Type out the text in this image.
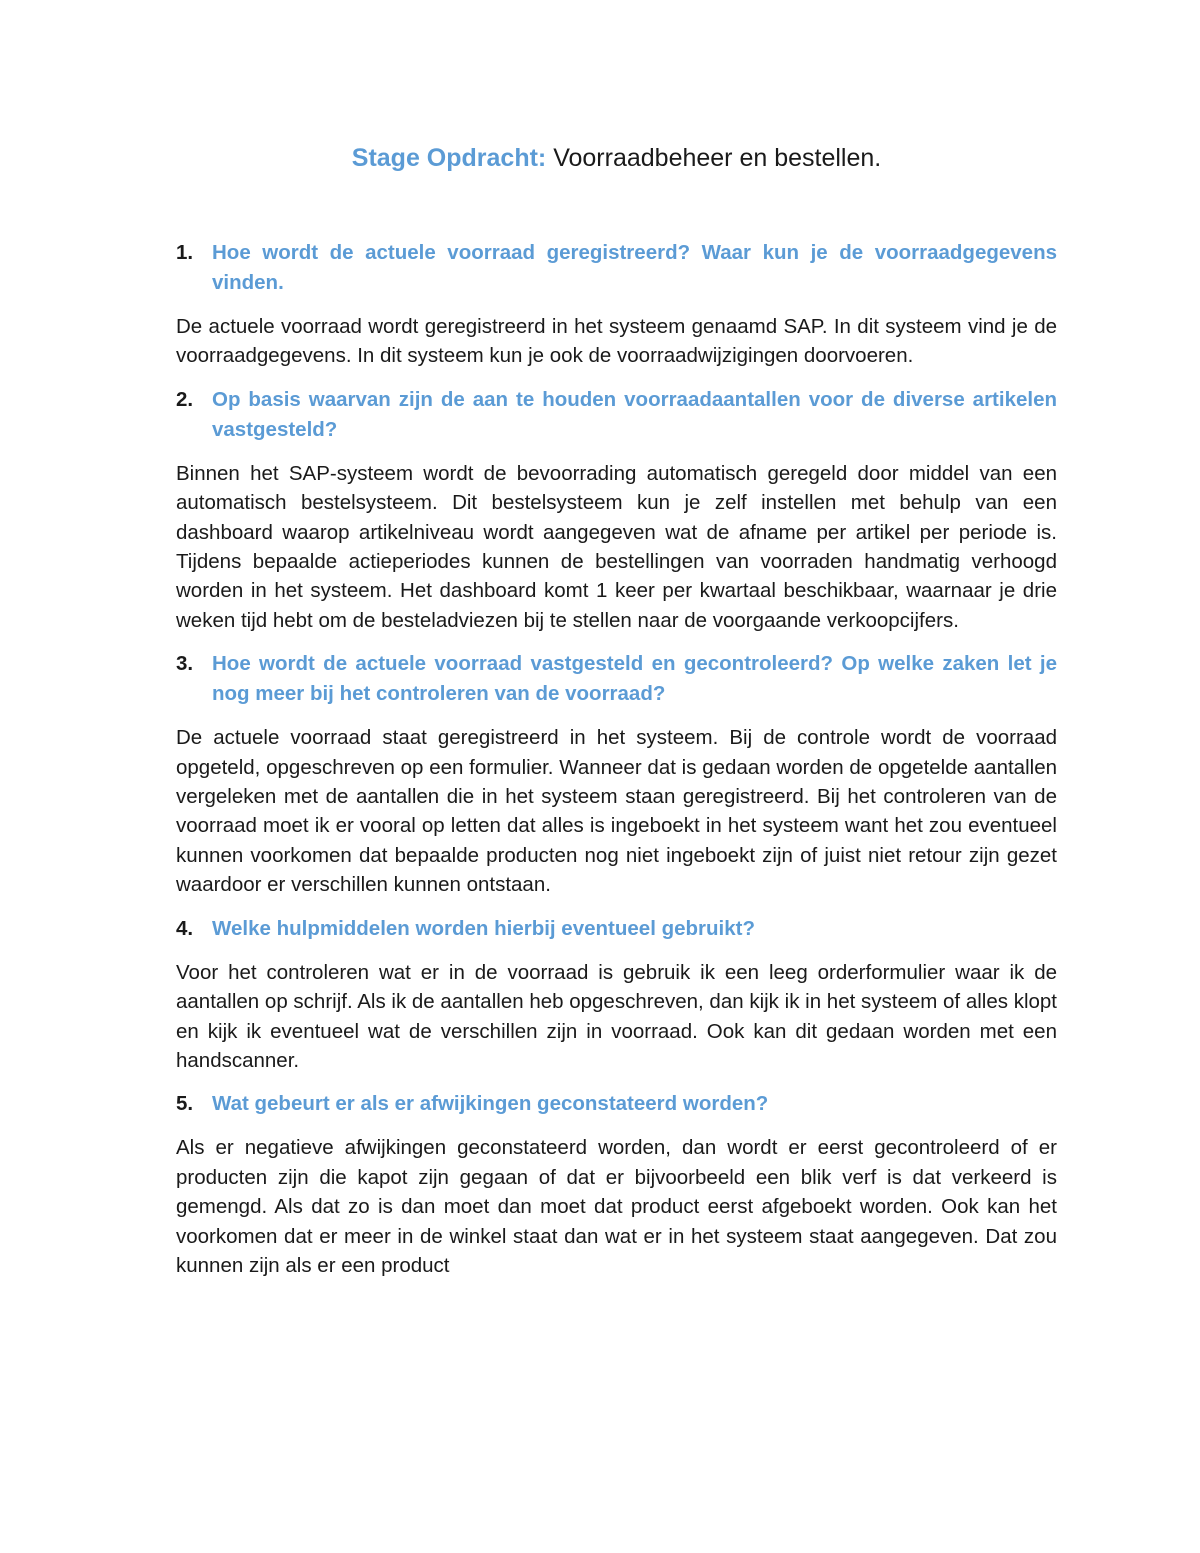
Stage Opdracht: Voorraadbeheer en bestellen.
1. Hoe wordt de actuele voorraad geregistreerd? Waar kun je de voorraadgegevens vinden.

De actuele voorraad wordt geregistreerd in het systeem genaamd SAP. In dit systeem vind je de voorraadgegevens. In dit systeem kun je ook de voorraadwijzigingen doorvoeren.

2. Op basis waarvan zijn de aan te houden voorraadaantallen voor de diverse artikelen vastgesteld?

Binnen het SAP-systeem wordt de bevoorrading automatisch geregeld door middel van een automatisch bestelsysteem. Dit bestelsysteem kun je zelf instellen met behulp van een dashboard waarop artikelniveau wordt aangegeven wat de afname per artikel per periode is. Tijdens bepaalde actieperiodes kunnen de bestellingen van voorraden handmatig verhoogd worden in het systeem. Het dashboard komt 1 keer per kwartaal beschikbaar, waarnaar je drie weken tijd hebt om de besteladviezen bij te stellen naar de voorgaande verkoopcijfers.

3. Hoe wordt de actuele voorraad vastgesteld en gecontroleerd? Op welke zaken let je nog meer bij het controleren van de voorraad?

De actuele voorraad staat geregistreerd in het systeem. Bij de controle wordt de voorraad opgeteld, opgeschreven op een formulier. Wanneer dat is gedaan worden de opgetelde aantallen vergeleken met de aantallen die in het systeem staan geregistreerd. Bij het controleren van de voorraad moet ik er vooral op letten dat alles is ingeboekt in het systeem want het zou eventueel kunnen voorkomen dat bepaalde producten nog niet ingeboekt zijn of juist niet retour zijn gezet waardoor er verschillen kunnen ontstaan.

4. Welke hulpmiddelen worden hierbij eventueel gebruikt?

Voor het controleren wat er in de voorraad is gebruik ik een leeg orderformulier waar ik de aantallen op schrijf. Als ik de aantallen heb opgeschreven, dan kijk ik in het systeem of alles klopt en kijk ik eventueel wat de verschillen zijn in voorraad. Ook kan dit gedaan worden met een handscanner.

5. Wat gebeurt er als er afwijkingen geconstateerd worden?

Als er negatieve afwijkingen geconstateerd worden, dan wordt er eerst gecontroleerd of er producten zijn die kapot zijn gegaan of dat er bijvoorbeeld een blik verf is dat verkeerd is gemengd. Als dat zo is dan moet dan moet dat product eerst afgeboekt worden. Ook kan het voorkomen dat er meer in de winkel staat dan wat er in het systeem staat aangegeven. Dat zou kunnen zijn als er een product
